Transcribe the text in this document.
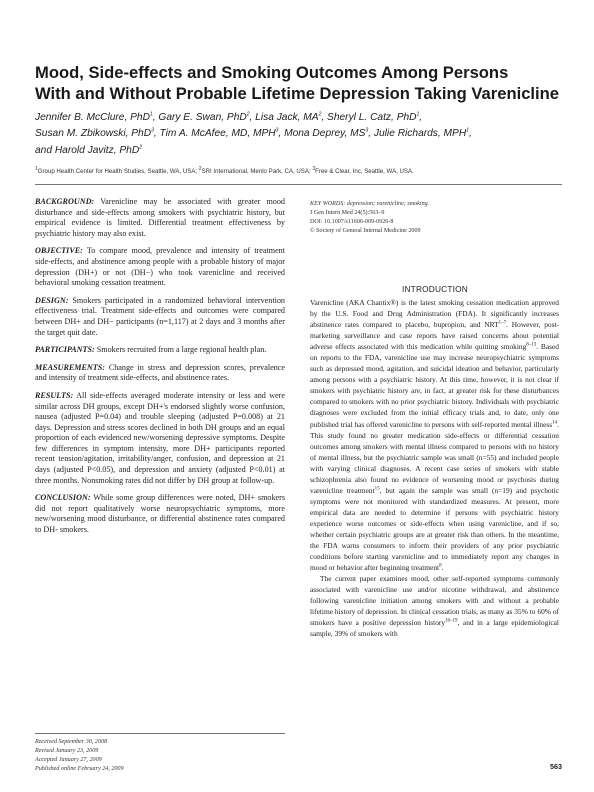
Mood, Side-effects and Smoking Outcomes Among Persons
With and Without Probable Lifetime Depression Taking Varenicline
Jennifer B. McClure, PhD$^1$, Gary E. Swan, PhD$^2$, Lisa Jack, $MA^2$, Sheryl L. Catz, PhD$^1$,
Susan M. Zbikowski, PhD$^3$, Tim A. McAfee, MD, MPH$^3$, Mona Deprey, $MS^3$, Julie Richards, MPH$^1$,
and Harold Javitz, PhD$^2$
$^1$Group Health Center for Health Studies, Seattle, WA, USA; $^2$SRI International, Menlo Park, CA, USA; $^3$Free & Clear, Inc, Seattle, WA, USA.

BACKGROUND: Varenicline may be associated with greater mood disturbance and side-effects among smokers with psychiatric history, but empirical evidence is limited. Differential treatment effectiveness by psychiatric history may also exist.

OBJECTIVE: To compare mood, prevalence and intensity of treatment side-effects, and abstinence among people with a probable history of major depression (DH+) or not (DH−) who took varenicline and received behavioral smoking cessation treatment.

DESIGN: Smokers participated in a randomized behavioral intervention effectiveness trial. Treatment side-effects and outcomes were compared between DH+ and DH− participants (n=1,117) at 2 days and 3 months after the target quit date.

PARTICIPANTS: Smokers recruited from a large regional health plan.

MEASUREMENTS: Change in stress and depression scores, prevalence and intensity of treatment side-effects, and abstinence rates.

RESULTS: All side-effects averaged moderate intensity or less and were similar across DH groups, except DH+'s endorsed slightly worse confusion, nausea (adjusted P=0.04) and trouble sleeping (adjusted P=0.008) at 21 days. Depression and stress scores declined in both DH groups and an equal proportion of each evidenced new/worsening depressive symptoms. Despite few differences in symptom intensity, more DH+ participants reported recent tension/agitation, irritability/anger, confusion, and depression at 21 days (adjusted P<0.05), and depression and anxiety (adjusted P<0.01) at three months. Nonsmoking rates did not differ by DH group at follow-up.

CONCLUSION: While some group differences were noted, DH+ smokers did not report qualitatively worse neuropsychiatric symptoms, more new/worsening mood disturbance, or differential abstinence rates compared to DH- smokers.

Received September 30, 2008
Revised January 23, 2009
Accepted January 27, 2009
Published online February 24, 2009
KEY WORDS: depression; varenicline; smoking.
J Gen Intern Med 24(5):563–9
DOI: 10.1007/s11606-009-0926-8
© Society of General Internal Medicine 2009
INTRODUCTION

Varenicline (AKA Chantix®) is the latest smoking cessation medication approved by the U.S. Food and Drug Administration (FDA). It significantly increases abstinence rates compared to placebo, bupropion, and NRT$^{1-7}$. However, post-marketing surveillance and case reports have raised concerns about potential adverse effects associated with this medication while quitting smoking$^{8-13}$. Based on reports to the FDA, varenicline use may increase neuropsychiatric symptoms such as depressed mood, agitation, and suicidal ideation and behavior, particularly among persons with a psychiatric history. At this time, however, it is not clear if smokers with psychiatric history are, in fact, at greater risk for these disturbances compared to smokers with no prior psychiatric history. Individuals with psychiatric diagnoses were excluded from the initial efficacy trials and, to date, only one published trial has offered varenicline to persons with self-reported mental illness$^{14}$. This study found no greater medication side-effects or differential cessation outcomes among smokers with mental illness compared to persons with no history of mental illness, but the psychiatric sample was small (n=55) and included people with varying clinical diagnoses. A recent case series of smokers with stable schizophrenia also found no evidence of worsening mood or psychosis during varenicline treatment$^{15}$, but again the sample was small (n=19) and psychotic symptoms were not monitored with standardized measures. At present, more empirical data are needed to determine if persons with psychiatric history experience worse outcomes or side-effects when using varenicline, and if so, whether certain psychiatric groups are at greater risk than others. In the meantime, the FDA warns consumers to inform their providers of any prior psychiatric conditions before starting varenicline and to immediately report any changes in mood or behavior after beginning treatment$^8$.

The current paper examines mood, other self-reported symptoms commonly associated with varenicline use and/or nicotine withdrawal, and abstinence following varenicline initiation among smokers with and without a probable lifetime history of depression. In clinical cessation trials, as many as 35% to 60% of smokers have a positive depression history$^{16-19}$, and in a large epidemiological sample, 39% of smokers with

563
